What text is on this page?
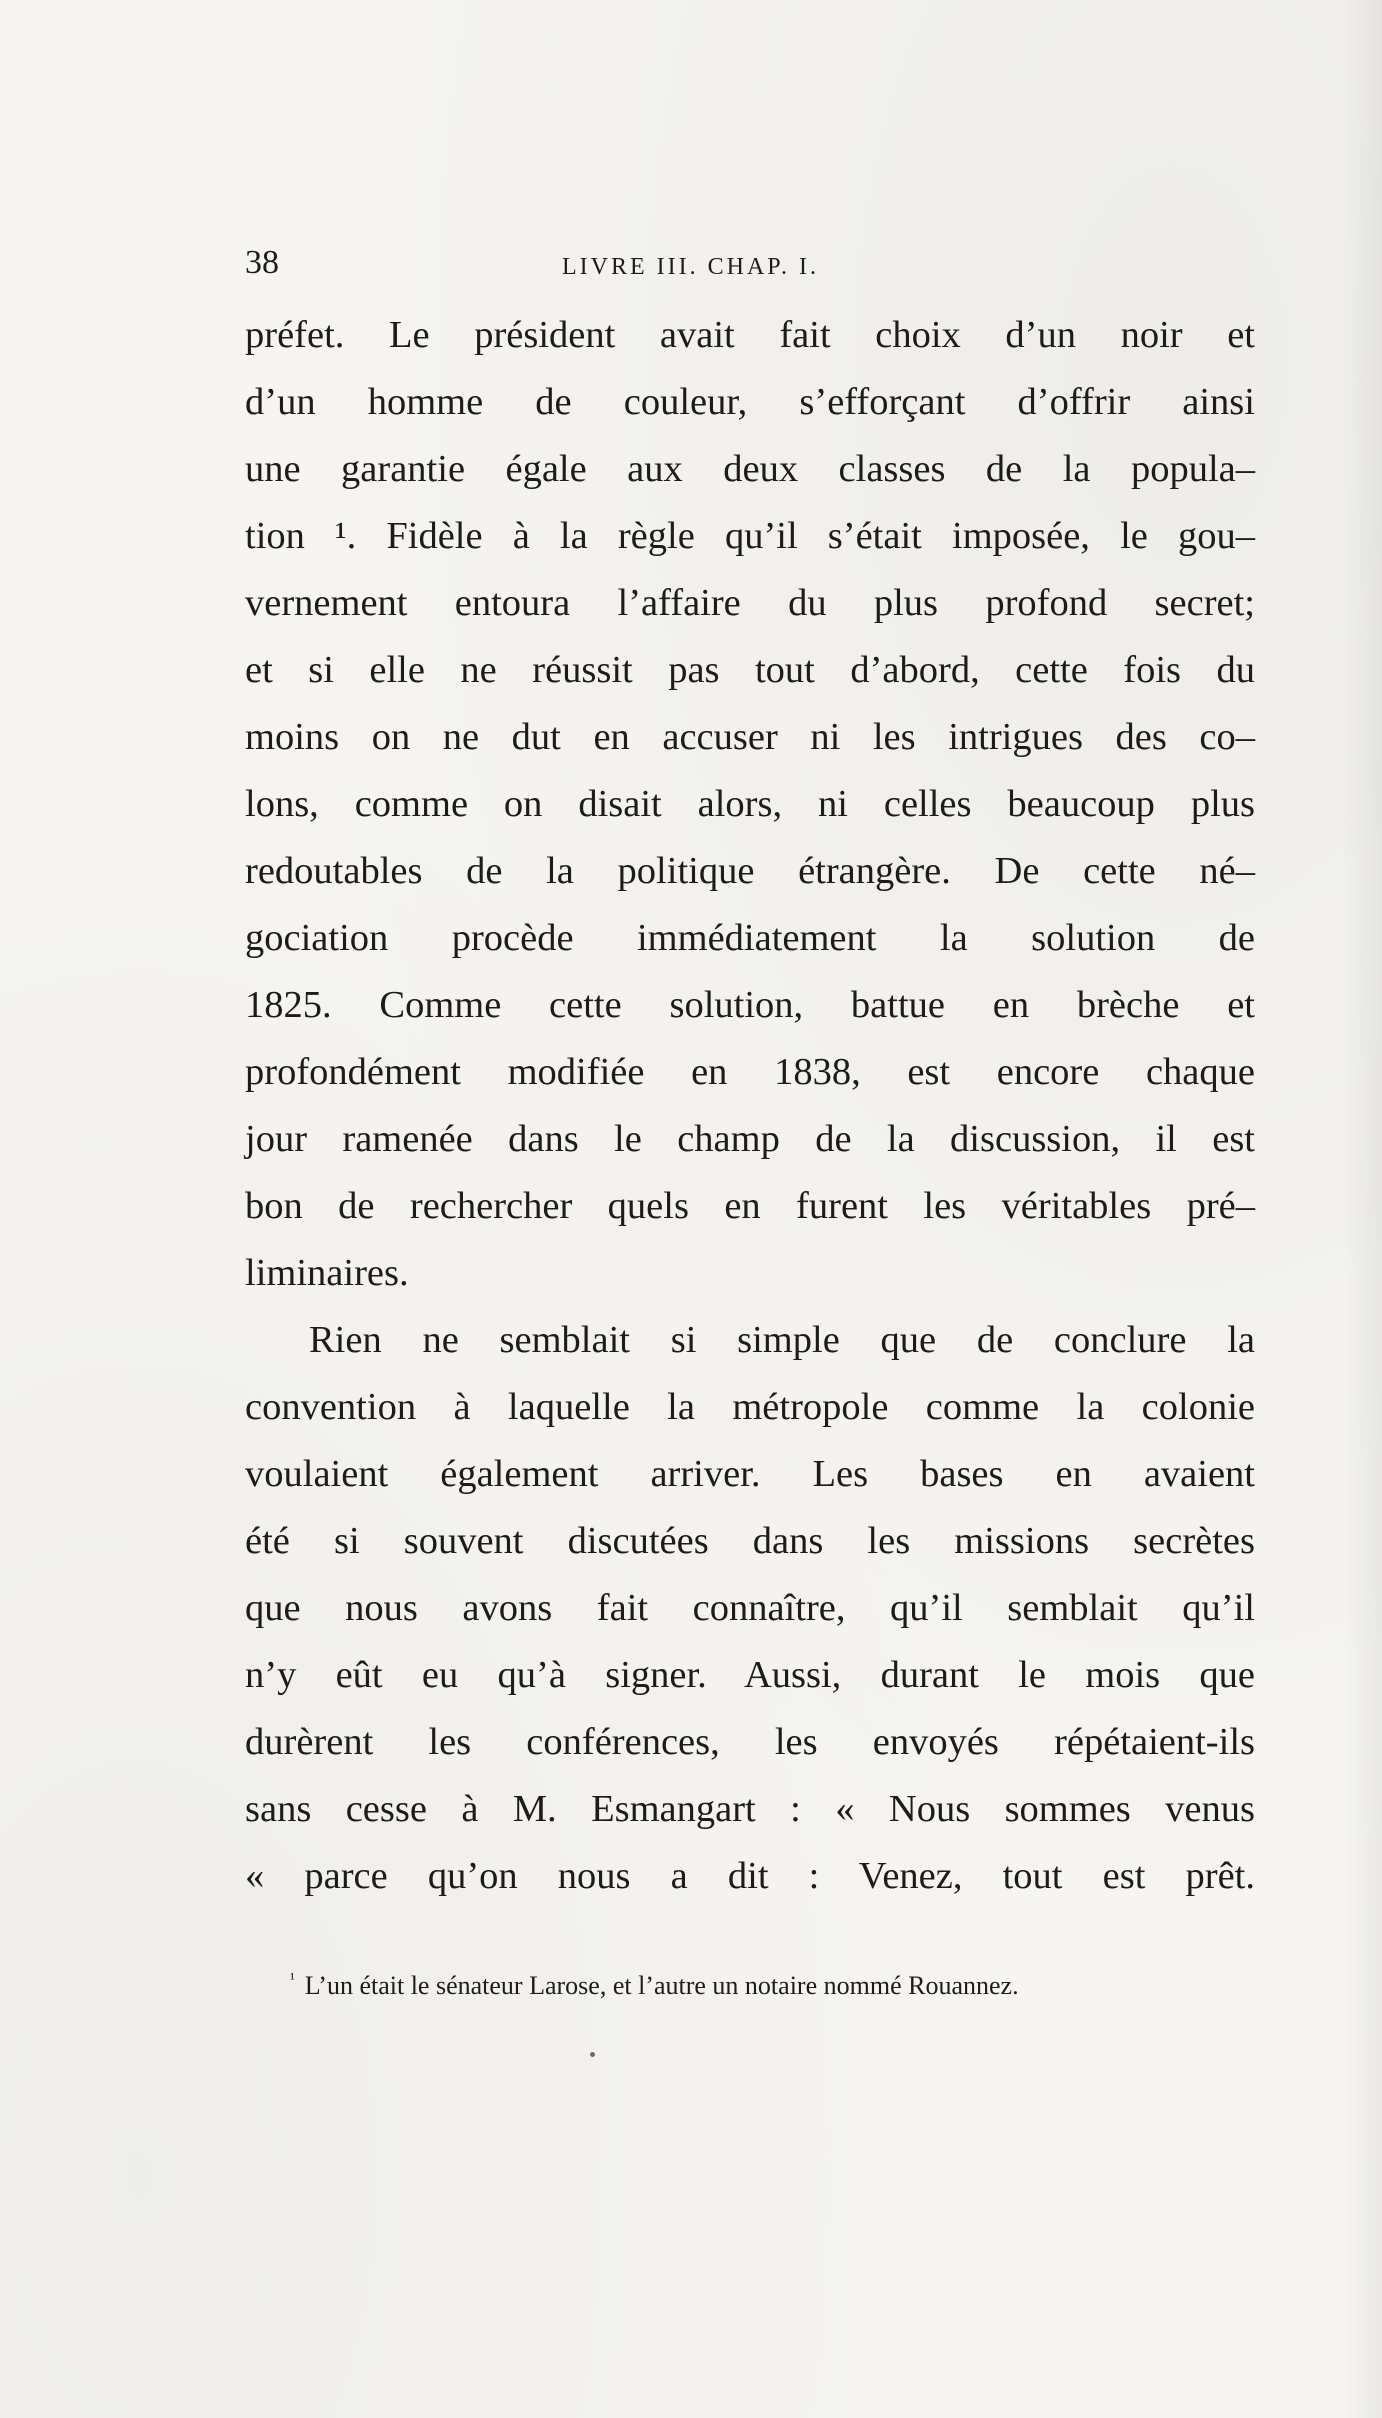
38	LIVRE III. CHAP. I.
préfet. Le président avait fait choix d’un noir et
d’un homme de couleur, s’efforçant d’offrir ainsi
une garantie égale aux deux classes de la popula–
tion ¹. Fidèle à la règle qu’il s’était imposée, le gou–
vernement entoura l’affaire du plus profond secret;
et si elle ne réussit pas tout d’abord, cette fois du
moins on ne dut en accuser ni les intrigues des co–
lons, comme on disait alors, ni celles beaucoup plus
redoutables de la politique étrangère. De cette né–
gociation procède immédiatement la solution de
1825. Comme cette solution, battue en brèche et
profondément modifiée en 1838, est encore chaque
jour ramenée dans le champ de la discussion, il est
bon de rechercher quels en furent les véritables pré–
liminaires.
Rien ne semblait si simple que de conclure la
convention à laquelle la métropole comme la colonie
voulaient également arriver. Les bases en avaient
été si souvent discutées dans les missions secrètes
que nous avons fait connaître, qu’il semblait qu’il
n’y eût eu qu’à signer. Aussi, durant le mois que
durèrent les conférences, les envoyés répétaient-ils
sans cesse à M. Esmangart : « Nous sommes venus
« parce qu’on nous a dit : Venez, tout est prêt.
$^{^1}$ L’un était le sénateur Larose, et l’autre un notaire nommé Rouannez.
